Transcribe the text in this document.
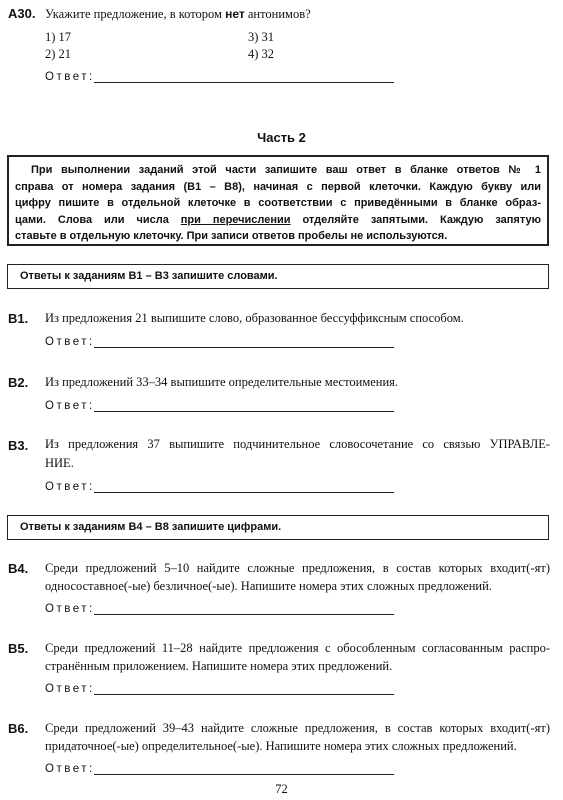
А30. Укажите предложение, в котором нет антонимов?
1) 17
2) 21
3) 31
4) 32
Ответ:
Часть 2
При выполнении заданий этой части запишите ваш ответ в бланке ответов № 1
справа от номера задания (B1 – B8), начиная с первой клеточки. Каждую букву или
цифру пишите в отдельной клеточке в соответствии с приведёнными в бланке образ-
цами. Слова или числа при перечислении отделяйте запятыми. Каждую запятую
ставьте в отдельную клеточку. При записи ответов пробелы не используются.
Ответы к заданиям B1 – B3 запишите словами.
В1. Из предложения 21 выпишите слово, образованное бессуффиксным способом.
Ответ:
В2. Из предложений 33–34 выпишите определительные местоимения.
Ответ:
В3. Из предложения 37 выпишите подчинительное словосочетание со связью УПРАВЛЕ-
НИЕ.
Ответ:
Ответы к заданиям B4 – B8 запишите цифрами.
В4. Среди предложений 5–10 найдите сложные предложения, в состав которых входит(-ят)
односоставное(-ые) безличное(-ые). Напишите номера этих сложных предложений.
Ответ:
В5. Среди предложений 11–28 найдите предложения с обособленным согласованным распро-
странённым приложением. Напишите номера этих предложений.
Ответ:
В6. Среди предложений 39–43 найдите сложные предложения, в состав которых входит(-ят)
придаточное(-ые) определительное(-ые). Напишите номера этих сложных предложений.
Ответ:
72
